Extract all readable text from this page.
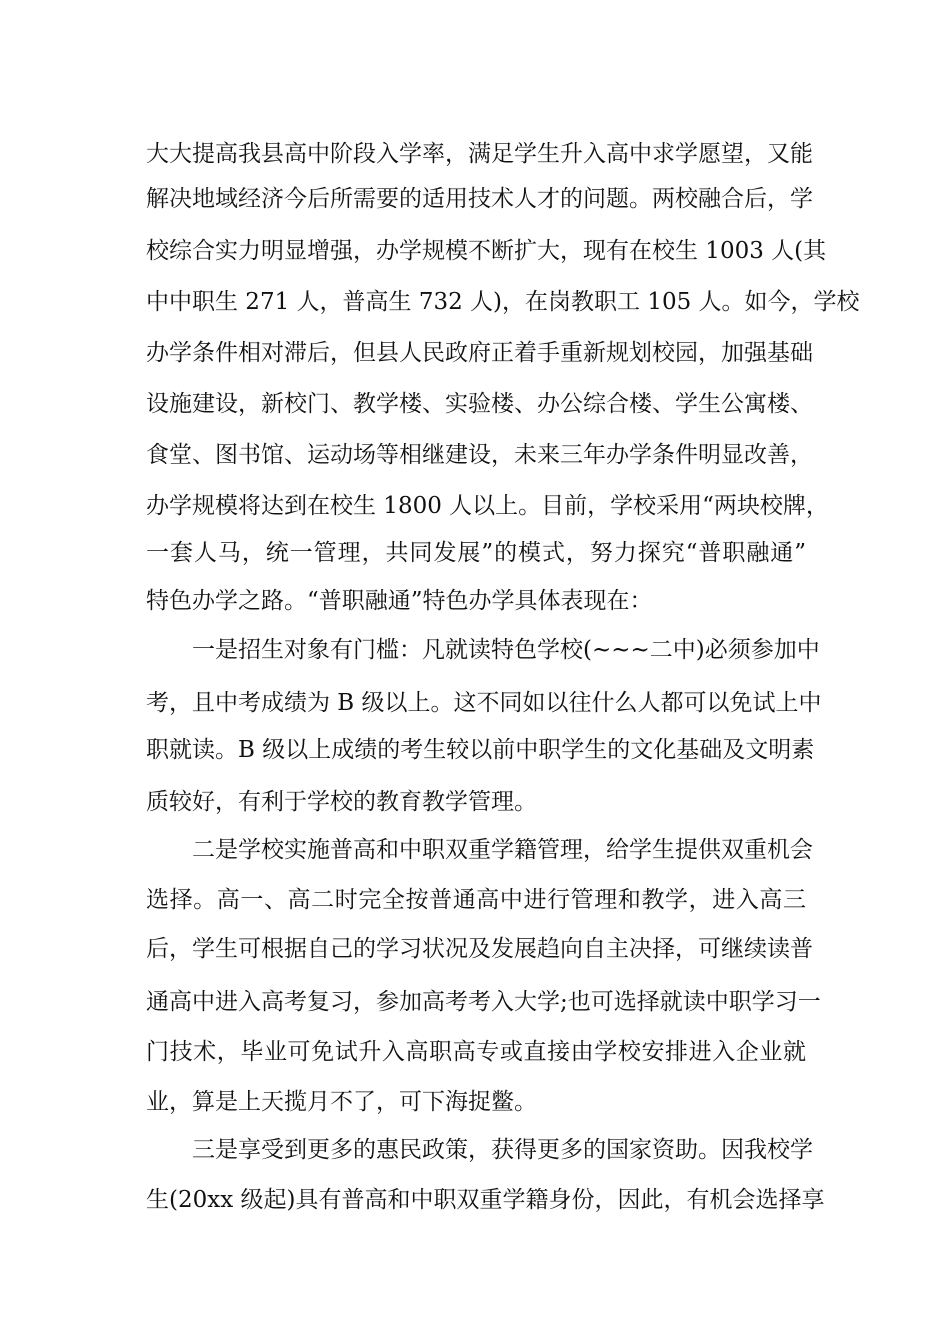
大大提高我县高中阶段入学率，满足学生升入高中求学愿望，又能
解决地域经济今后所需要的适用技术人才的问题。两校融合后，学
校综合实力明显增强，办学规模不断扩大，现有在校生 1003 人(其
中中职生 271 人，普高生 732 人)，在岗教职工 105 人。如今，学校
办学条件相对滞后，但县人民政府正着手重新规划校园，加强基础
设施建设，新校门、教学楼、实验楼、办公综合楼、学生公寓楼、
食堂、图书馆、运动场等相继建设，未来三年办学条件明显改善，
办学规模将达到在校生 1800 人以上。目前，学校采用“两块校牌，
一套人马，统一管理，共同发展”的模式，努力探究“普职融通”
特色办学之路。“普职融通”特色办学具体表现在：
一是招生对象有门槛：凡就读特色学校(~~~二中)必须参加中
考，且中考成绩为 B 级以上。这不同如以往什么人都可以免试上中
职就读。B 级以上成绩的考生较以前中职学生的文化基础及文明素
质较好，有利于学校的教育教学管理。
二是学校实施普高和中职双重学籍管理，给学生提供双重机会
选择。高一、高二时完全按普通高中进行管理和教学，进入高三
后，学生可根据自己的学习状况及发展趋向自主决择，可继续读普
通高中进入高考复习，参加高考考入大学;也可选择就读中职学习一
门技术，毕业可免试升入高职高专或直接由学校安排进入企业就
业，算是上天揽月不了，可下海捉鳖。
三是享受到更多的惠民政策，获得更多的国家资助。因我校学
生(20xx 级起)具有普高和中职双重学籍身份，因此，有机会选择享
